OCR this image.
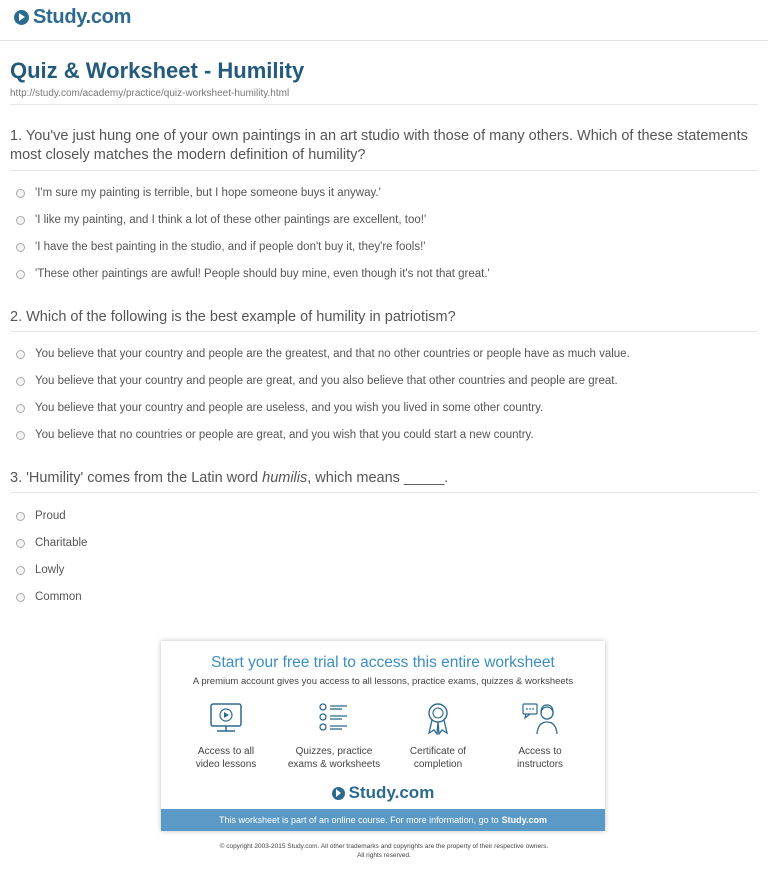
Study.com
Quiz & Worksheet - Humility
http://study.com/academy/practice/quiz-worksheet-humility.html
1. You've just hung one of your own paintings in an art studio with those of many others. Which of these statements most closely matches the modern definition of humility?
'I'm sure my painting is terrible, but I hope someone buys it anyway.'
'I like my painting, and I think a lot of these other paintings are excellent, too!'
'I have the best painting in the studio, and if people don't buy it, they're fools!'
'These other paintings are awful! People should buy mine, even though it's not that great.'
2. Which of the following is the best example of humility in patriotism?
You believe that your country and people are the greatest, and that no other countries or people have as much value.
You believe that your country and people are great, and you also believe that other countries and people are great.
You believe that your country and people are useless, and you wish you lived in some other country.
You believe that no countries or people are great, and you wish that you could start a new country.
3. 'Humility' comes from the Latin word humilis, which means _____.
Proud
Charitable
Lowly
Common
Start your free trial to access this entire worksheet
A premium account gives you access to all lessons, practice exams, quizzes & worksheets
Access to all
video lessons
Quizzes, practice
exams & worksheets
Certificate of
completion
Access to
instructors
Study.com
This worksheet is part of an online course. For more information, go to Study.com
© copyright 2003-2015 Study.com. All other trademarks and copyrights are the property of their respective owners.
All rights reserved.
